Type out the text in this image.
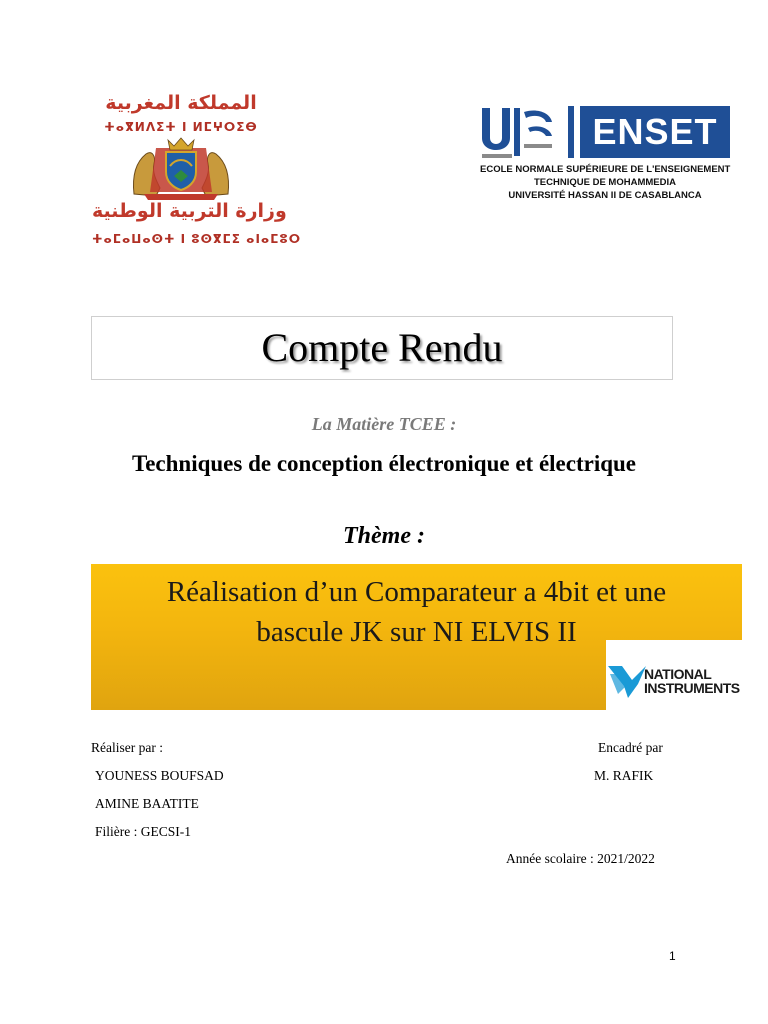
المملكة المغربية
ⵜⴰⴳⵍⴷⵉⵜ ⵏ ⵍⵎⵖⵔⵉⴱ
وزارة التربية الوطنية
ⵜⴰⵎⴰⵡⴰⵙⵜ ⵏ ⵓⵙⴳⵎⵉ ⴰⵏⴰⵎⵓⵔ
ENSET
ECOLE NORMALE SUPÉRIEURE DE L'ENSEIGNEMENT
TECHNIQUE DE MOHAMMEDIA
UNIVERSITÉ HASSAN II DE CASABLANCA
Compte Rendu
La Matière TCEE :
Techniques de conception électronique et électrique
Thème :
Réalisation d’un Comparateur a 4bit et une
bascule JK sur NI ELVIS II
NATIONAL
INSTRUMENTS
Réaliser par :
YOUNESS BOUFSAD
AMINE BAATITE
Filière : GECSI-1
Encadré par
M. RAFIK
Année scolaire : 2021/2022
1
